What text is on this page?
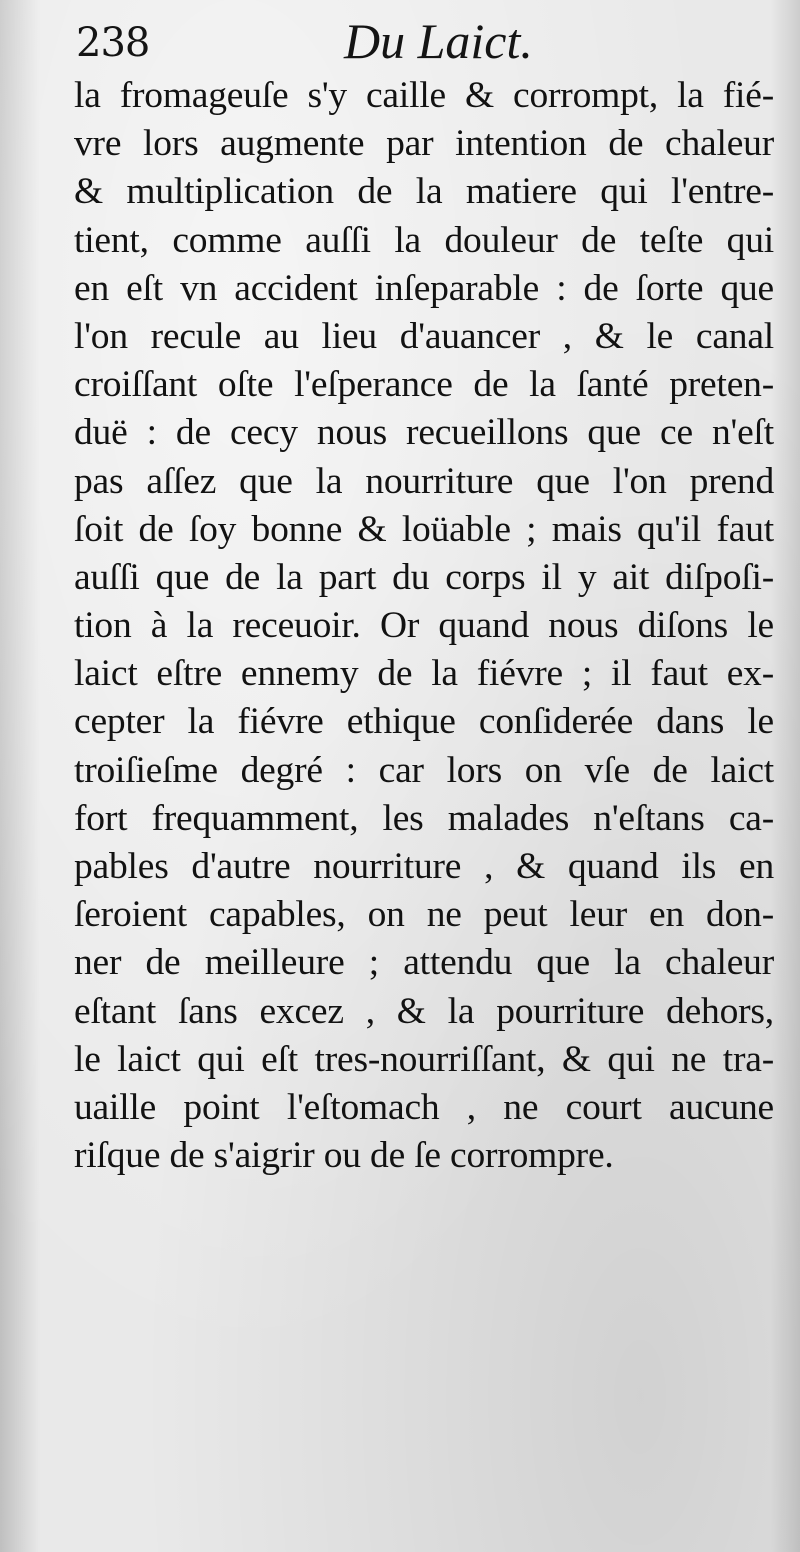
238	Du Laict.
la fromageuſe s'y caille & corrompt, la fié-
vre lors augmente par intention de chaleur
& multiplication de la matiere qui l'entre-
tient, comme auſſi la douleur de teſte qui
en eſt vn accident inſeparable : de ſorte que
l'on recule au lieu d'auancer , & le canal
croiſſant oſte l'eſperance de la ſanté preten-
duë : de cecy nous recueillons que ce n'eſt
pas aſſez que la nourriture que l'on prend
ſoit de ſoy bonne & loüable ; mais qu'il faut
auſſi que de la part du corps il y ait diſpoſi-
tion à la receuoir. Or quand nous diſons le
laict eſtre ennemy de la fiévre ; il faut ex-
cepter la fiévre ethique conſiderée dans le
troiſieſme degré : car lors on vſe de laict
fort frequamment, les malades n'eſtans ca-
pables d'autre nourriture , & quand ils en
ſeroient capables, on ne peut leur en don-
ner de meilleure ; attendu que la chaleur
eſtant ſans excez , & la pourriture dehors,
le laict qui eſt tres-nourriſſant, & qui ne tra-
uaille point l'eſtomach , ne court aucune
riſque de s'aigrir ou de ſe corrompre.
